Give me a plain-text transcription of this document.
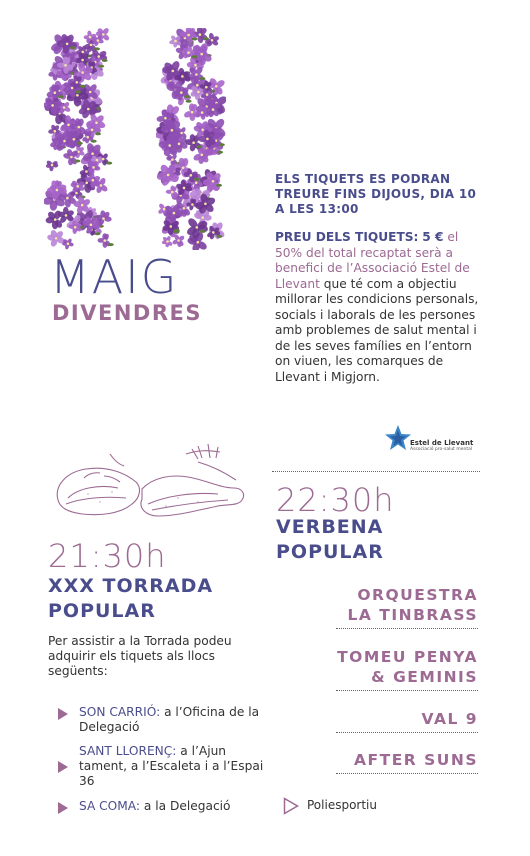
MAIG
DIVENDRES
ELS TIQUETS ES PODRAN TREURE FINS DIJOUS, DIA 10 A LES 13:00
PREU DELS TIQUETS: 5 € el 50% del total recaptat serà a benefici de l’Associació Estel de Llevant que té com a objectiu millorar les condicions personals, socials i laborals de les persones amb problemes de salut mental i de les seves famílies en l’entorn on viuen, les comarques de Llevant i Migjorn.
Estel de Llevant
Associació pro-salut mental
21:30h
XXX TORRADA
POPULAR
Per assistir a la Torrada podeu adquirir els tiquets als llocs següents:
SON CARRIÓ: a l’Oficina de la Delegació
SANT LLORENÇ: a l’Ajun tament, a l’Escaleta i a l’Espai 36
SA COMA: a la Delegació
22:30h
VERBENA
POPULAR
ORQUESTRA
LA TINBRASS
TOMEU PENYA
& GEMINIS
VAL 9
AFTER SUNS
Poliesportiu
